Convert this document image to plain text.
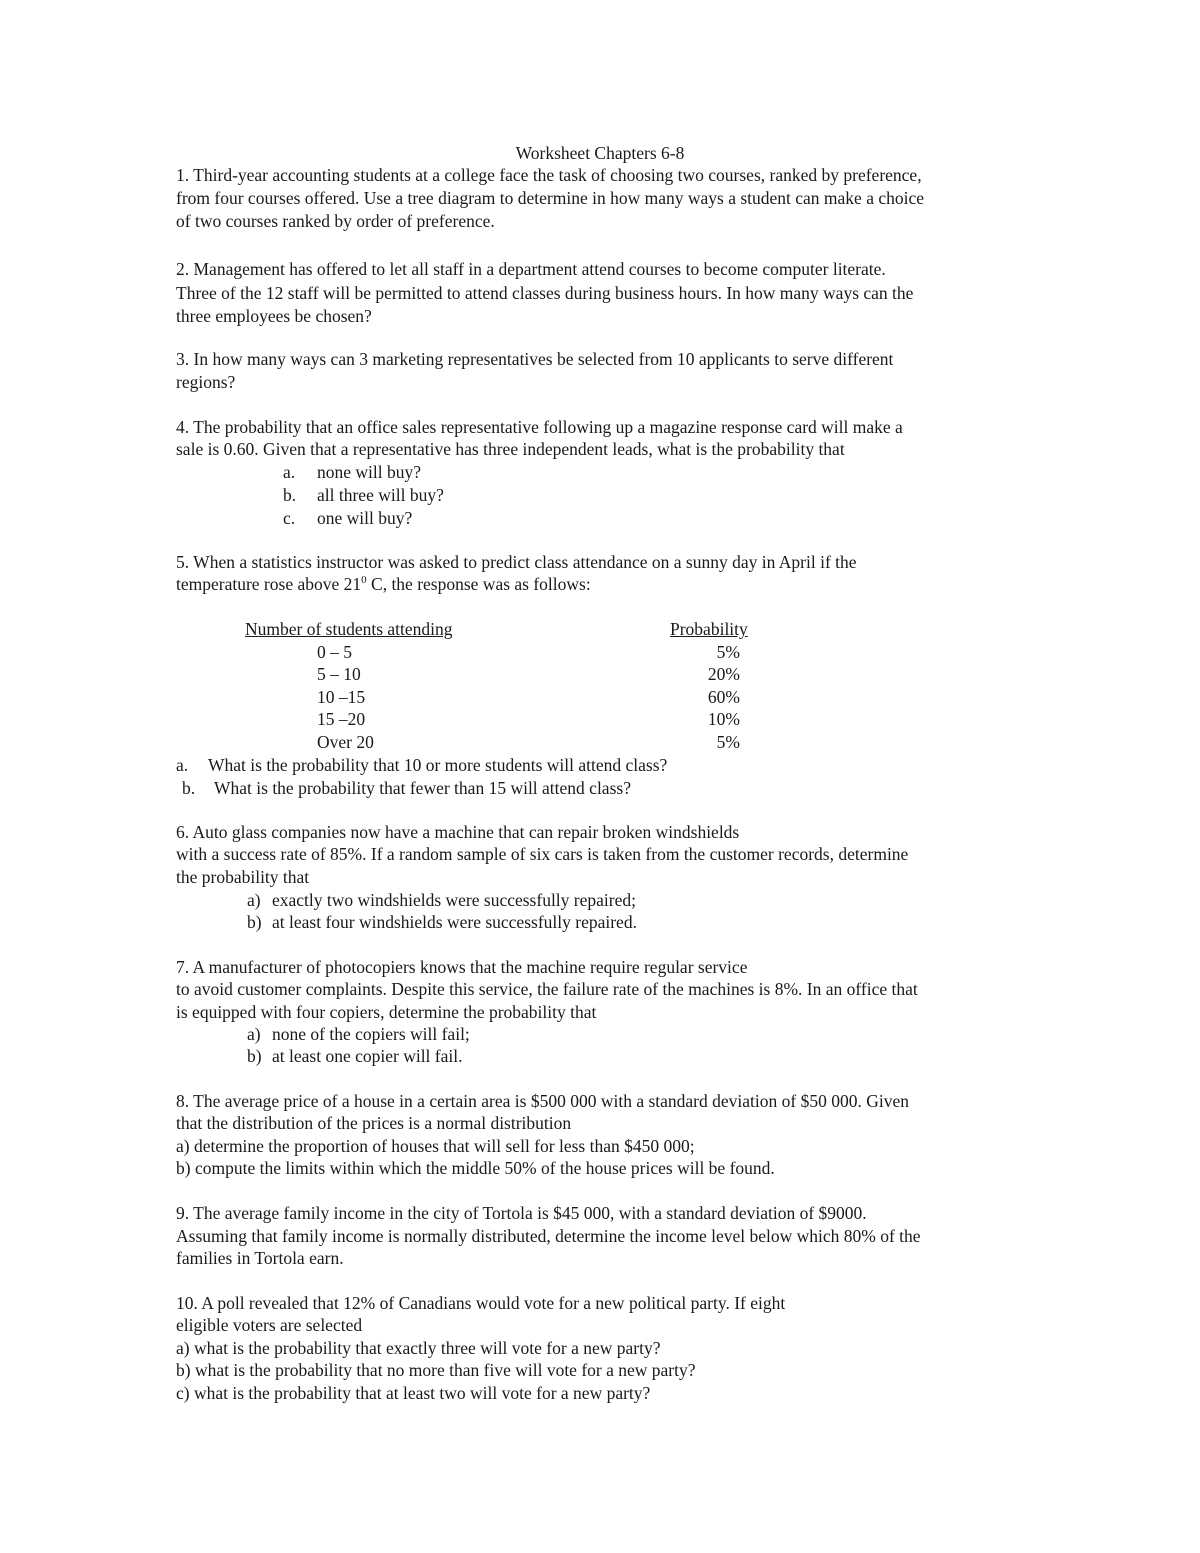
Worksheet Chapters 6-8
1. Third-year accounting students at a college face the task of choosing two courses, ranked by preference,
from four courses offered. Use a tree diagram to determine in how many ways a student can make a choice
of two courses ranked by order of preference.
2. Management has offered to let all staff in a department attend courses to become computer literate.
Three of the 12 staff will be permitted to attend classes during business hours. In how many ways can the
three employees be chosen?
3. In how many ways can 3 marketing representatives be selected from 10 applicants to serve different
regions?
4. The probability that an office sales representative following up a magazine response card will make a
sale is 0.60. Given that a representative has three independent leads, what is the probability that
a. none will buy?
b. all three will buy?
c. one will buy?
5. When a statistics instructor was asked to predict class attendance on a sunny day in April if the
temperature rose above $21^0$ C, the response was as follows:
Number of students attending	Probability
0 – 5	5%
5 – 10	20%
10 –15	60%
15 –20	10%
Over 20	5%
a. What is the probability that 10 or more students will attend class?
b. What is the probability that fewer than 15 will attend class?
6. Auto glass companies now have a machine that can repair broken windshields
with a success rate of 85%. If a random sample of six cars is taken from the customer records, determine
the probability that
a) exactly two windshields were successfully repaired;
b) at least four windshields were successfully repaired.
7. A manufacturer of photocopiers knows that the machine require regular service
to avoid customer complaints. Despite this service, the failure rate of the machines is 8%. In an office that
is equipped with four copiers, determine the probability that
a) none of the copiers will fail;
b) at least one copier will fail.
8. The average price of a house in a certain area is $500 000 with a standard deviation of $50 000. Given
that the distribution of the prices is a normal distribution
a) determine the proportion of houses that will sell for less than $450 000;
b) compute the limits within which the middle 50% of the house prices will be found.
9. The average family income in the city of Tortola is $45 000, with a standard deviation of $9000.
Assuming that family income is normally distributed, determine the income level below which 80% of the
families in Tortola earn.
10. A poll revealed that 12% of Canadians would vote for a new political party. If eight
eligible voters are selected
a) what is the probability that exactly three will vote for a new party?
b) what is the probability that no more than five will vote for a new party?
c) what is the probability that at least two will vote for a new party?
